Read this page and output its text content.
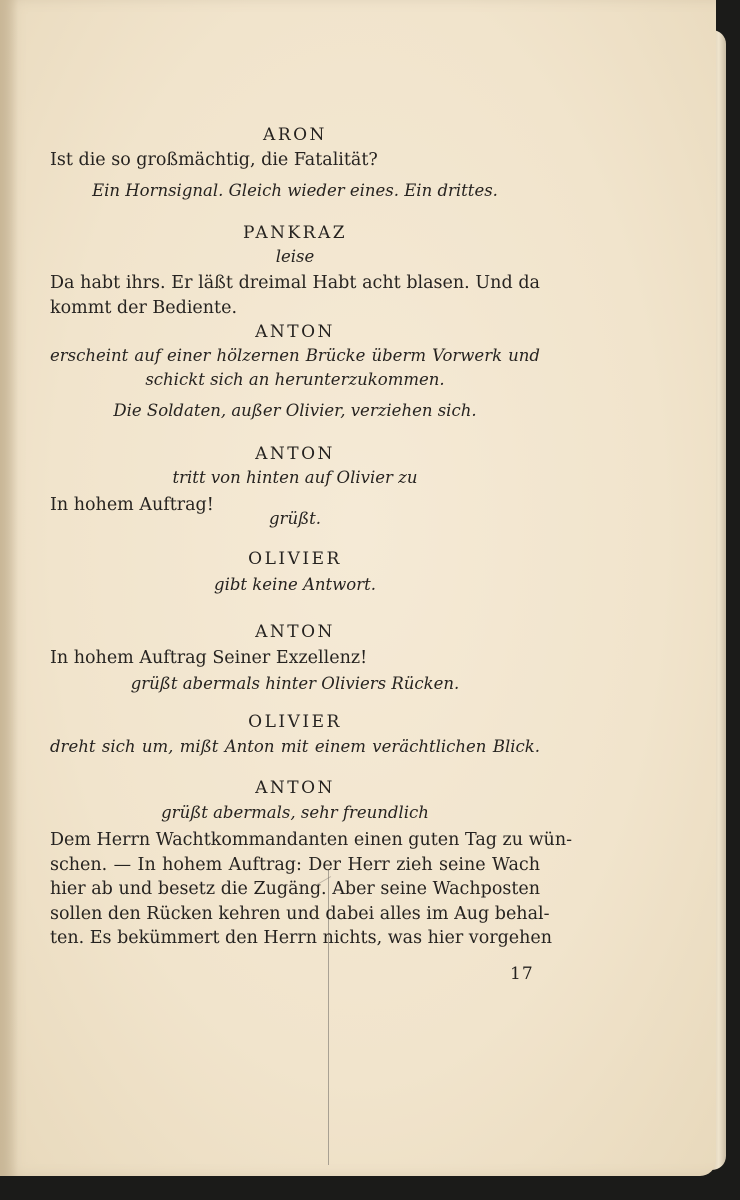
ARON
Ist die so großmächtig, die Fatalität?
Ein Hornsignal. Gleich wieder eines. Ein drittes.
PANKRAZ
leise
Da habt ihrs. Er läßt dreimal Habt acht blasen. Und da
kommt der Bediente.
ANTON
erscheint auf einer hölzernen Brücke überm Vorwerk und
schickt sich an herunterzukommen.
Die Soldaten, außer Olivier, verziehen sich.
ANTON
tritt von hinten auf Olivier zu
In hohem Auftrag!
grüßt.
OLIVIER
gibt keine Antwort.
ANTON
In hohem Auftrag Seiner Exzellenz!
grüßt abermals hinter Oliviers Rücken.
OLIVIER
dreht sich um, mißt Anton mit einem verächtlichen Blick.
ANTON
grüßt abermals, sehr freundlich
Dem Herrn Wachtkommandanten einen guten Tag zu wün-
schen. — In hohem Auftrag: Der Herr zieh seine Wach
hier ab und besetz die Zugäng. Aber seine Wachposten
sollen den Rücken kehren und dabei alles im Aug behal-
ten. Es bekümmert den Herrn nichts, was hier vorgehen
17
